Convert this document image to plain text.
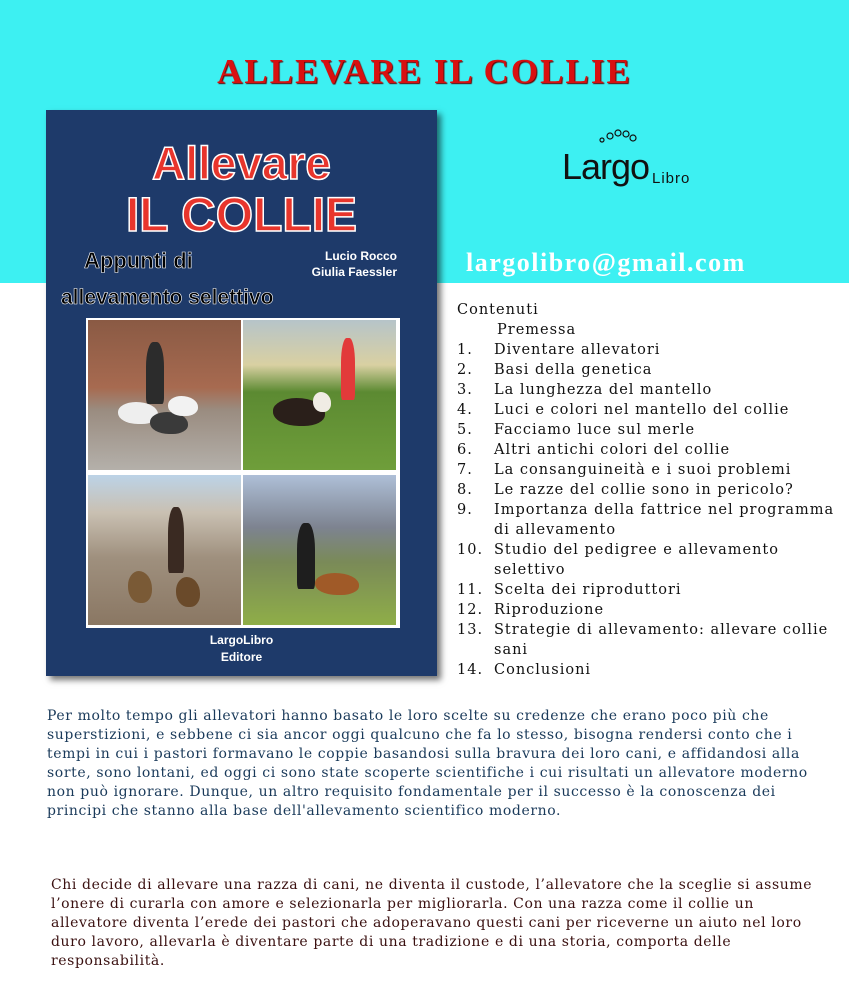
ALLEVARE IL COLLIE
Allevare
IL COLLIE
Appunti di
allevamento selettivo
Lucio Rocco
Giulia Faessler
LargoLibro
Editore
Largo Libro
largolibro@gmail.com
Contenuti
Premessa
1.	Diventare allevatori
2.	Basi della genetica
3.	La lunghezza del mantello
4.	Luci e colori nel mantello del collie
5.	Facciamo luce sul merle
6.	Altri antichi colori del collie
7.	La consanguineità e i suoi problemi
8.	Le razze del collie sono in pericolo?
9.	Importanza della fattrice nel programma di allevamento
10. Studio del pedigree e allevamento selettivo
11. Scelta dei riproduttori
12. Riproduzione
13. Strategie di allevamento: allevare collie sani
14. Conclusioni
Per molto tempo gli allevatori hanno basato le loro scelte su credenze che erano poco più che superstizioni, e sebbene ci sia ancor oggi qualcuno che fa lo stesso, bisogna rendersi conto che i tempi in cui i pastori formavano le coppie basandosi sulla bravura dei loro cani, e affidandosi alla sorte, sono lontani, ed oggi ci sono state scoperte scientifiche i cui risultati un allevatore moderno non può ignorare. Dunque, un altro requisito fondamentale per il successo è la conoscenza dei principi che stanno alla base dell'allevamento scientifico moderno.
Chi decide di allevare una razza di cani, ne diventa il custode, l’allevatore che la sceglie si assume l’onere di curarla con amore e selezionarla per migliorarla. Con una razza come il collie un allevatore diventa l’erede dei pastori che adoperavano questi cani per riceverne un aiuto nel loro duro lavoro, allevarla è diventare parte di una tradizione e di una storia, comporta delle responsabilità.
